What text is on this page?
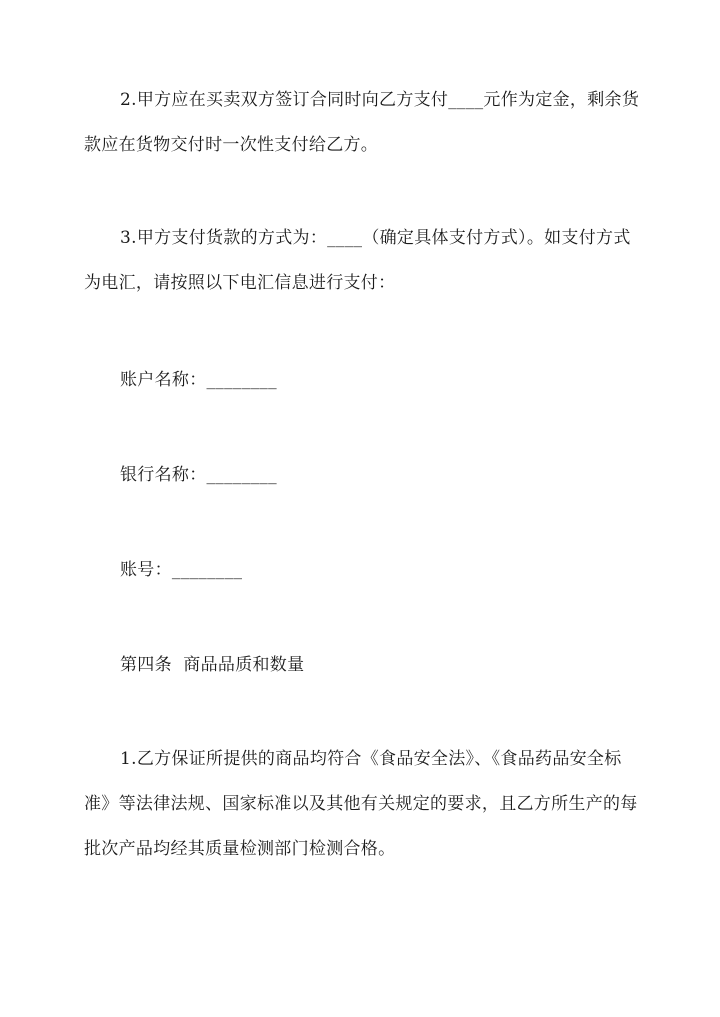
2.甲方应在买卖双方签订合同时向乙方支付____元作为定金，剩余货
款应在货物交付时一次性支付给乙方。
3.甲方支付货款的方式为：____（确定具体支付方式）。如支付方式
为电汇，请按照以下电汇信息进行支付：
账户名称：________
银行名称：________
账号：________
第四条  商品品质和数量
1.乙方保证所提供的商品均符合《食品安全法》、《食品药品安全标
准》等法律法规、国家标准以及其他有关规定的要求，且乙方所生产的每
批次产品均经其质量检测部门检测合格。
